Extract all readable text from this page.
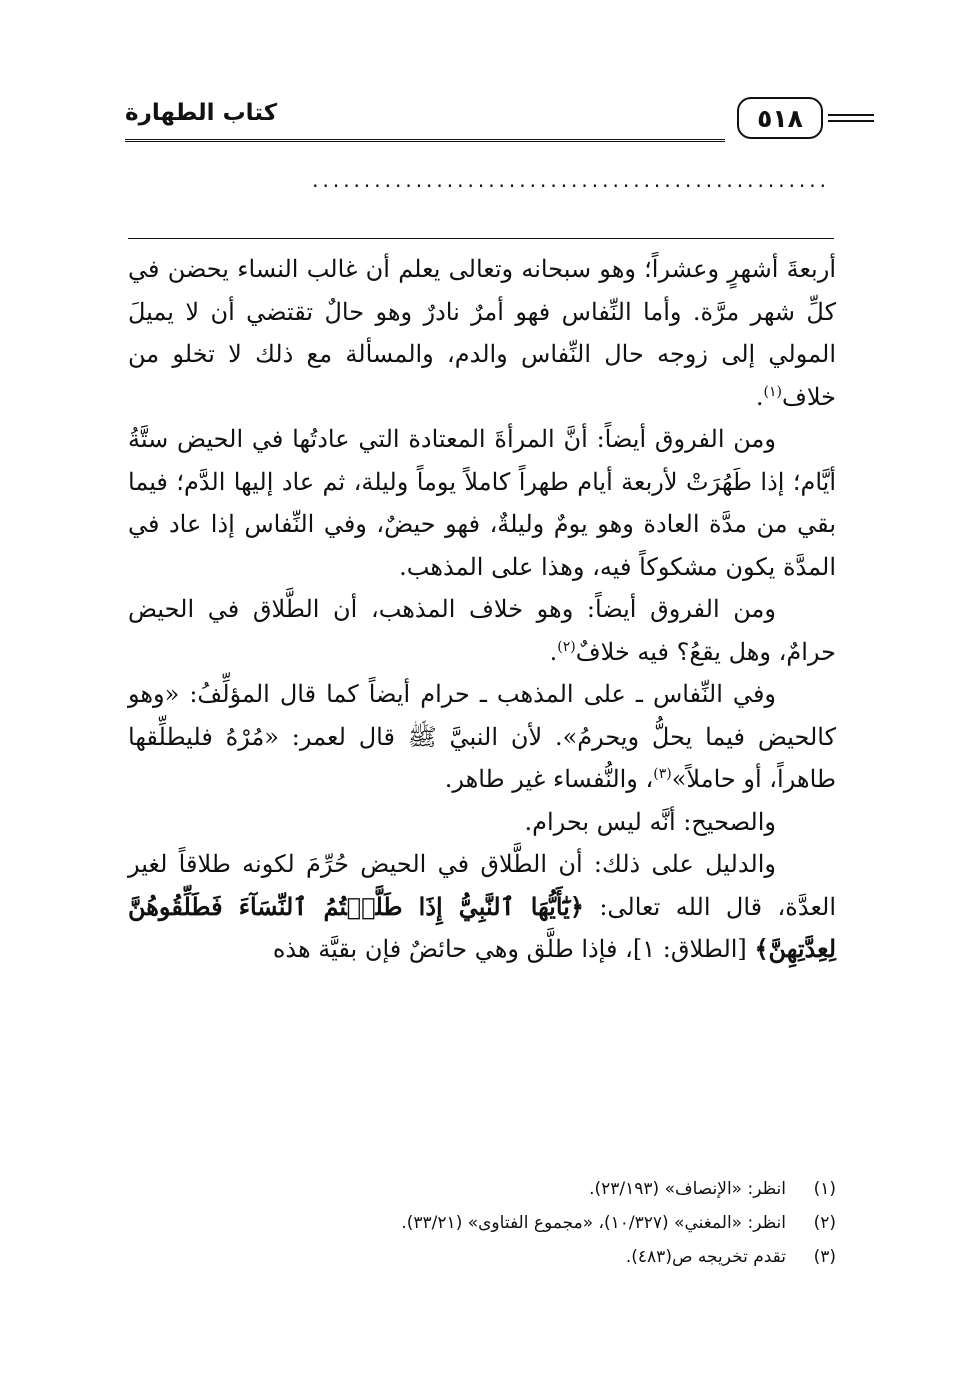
٥١٨
كتاب الطهارة
..................................................

أربعةَ أشهرٍ وعشراً؛ وهو سبحانه وتعالى يعلم أن غالب النساء يحضن في كلِّ شهر مرَّة. وأما النِّفاس فهو أمرٌ نادرٌ وهو حالٌ تقتضي أن لا يميلَ المولي إلى زوجه حال النِّفاس والدم، والمسألة مع ذلك لا تخلو من خلاف$^{(١)}$.

ومن الفروق أيضاً: أنَّ المرأةَ المعتادة التي عادتُها في الحيض ستَّةُ أيَّام؛ إذا طَهُرَتْ لأربعة أيام طهراً كاملاً يوماً وليلة، ثم عاد إليها الدَّم؛ فيما بقي من مدَّة العادة وهو يومٌ وليلةٌ، فهو حيضٌ، وفي النِّفاس إذا عاد في المدَّة يكون مشكوكاً فيه، وهذا على المذهب.

ومن الفروق أيضاً: وهو خلاف المذهب، أن الطَّلاق في الحيض حرامٌ، وهل يقعُ؟ فيه خلافٌ$^{(٢)}$.

وفي النِّفاس ـ على المذهب ـ حرام أيضاً كما قال المؤلِّفُ: «وهو كالحيض فيما يحلُّ ويحرمُ». لأن النبيَّ ﷺ قال لعمر: «مُرْهُ فليطلِّقها طاهراً، أو حاملاً»$^{(٣)}$، والنُّفساء غير طاهر.

والصحيح: أنَّه ليس بحرام.

والدليل على ذلك: أن الطَّلاق في الحيض حُرِّمَ لكونه طلاقاً لغير العدَّة، قال الله تعالى: ﴿يَٰٓأَيُّهَا ٱلنَّبِيُّ إِذَا طَلَّقۡتُمُ ٱلنِّسَآءَ فَطَلِّقُوهُنَّ لِعِدَّتِهِنَّ﴾ [الطلاق: ١]، فإذا طلَّق وهي حائضٌ فإن بقيَّة هذه

(١)
انظر: «الإنصاف» (٢٣/١٩٣).
(٢)
انظر: «المغني» (١٠/٣٢٧)، «مجموع الفتاوى» (٣٣/٢١).
(٣)
تقدم تخريجه ص(٤٨٣).
